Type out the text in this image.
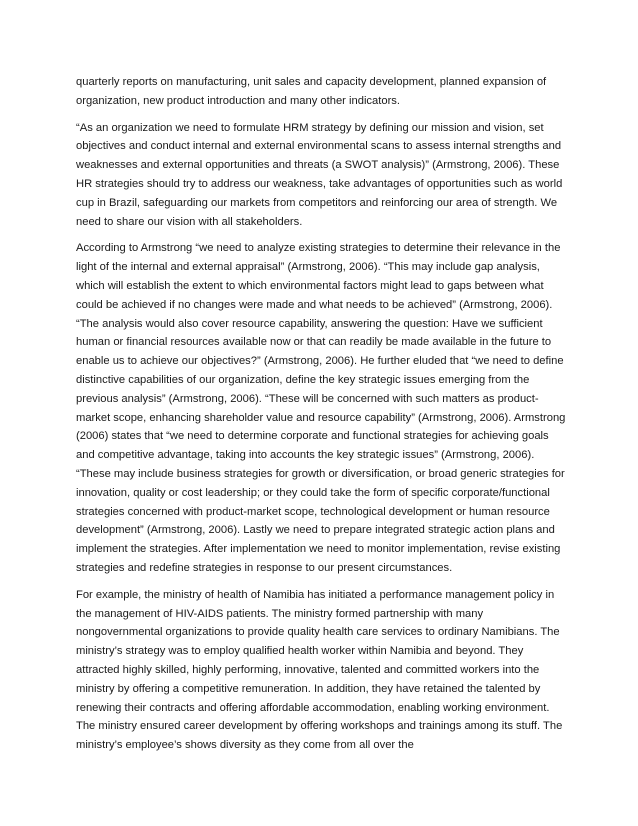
quarterly reports on manufacturing, unit sales and capacity development, planned expansion of organization, new product introduction and many other indicators.

“As an organization we need to formulate HRM strategy by defining our mission and vision, set objectives and conduct internal and external environmental scans to assess internal strengths and weaknesses and external opportunities and threats (a SWOT analysis)” (Armstrong, 2006). These HR strategies should try to address our weakness, take advantages of opportunities such as world cup in Brazil, safeguarding our markets from competitors and reinforcing our area of strength. We need to share our vision with all stakeholders.

According to Armstrong “we need to analyze existing strategies to determine their relevance in the light of the internal and external appraisal” (Armstrong, 2006). “This may include gap analysis, which will establish the extent to which environmental factors might lead to gaps between what could be achieved if no changes were made and what needs to be achieved” (Armstrong, 2006). “The analysis would also cover resource capability, answering the question: Have we sufficient human or financial resources available now or that can readily be made available in the future to enable us to achieve our objectives?” (Armstrong, 2006). He further eluded that “we need to define distinctive capabilities of our organization, define the key strategic issues emerging from the previous analysis” (Armstrong, 2006). “These will be concerned with such matters as product-market scope, enhancing shareholder value and resource capability” (Armstrong, 2006). Armstrong (2006) states that “we need to determine corporate and functional strategies for achieving goals and competitive advantage, taking into accounts the key strategic issues” (Armstrong, 2006). “These may include business strategies for growth or diversification, or broad generic strategies for innovation, quality or cost leadership; or they could take the form of specific corporate/functional strategies concerned with product-market scope, technological development or human resource development” (Armstrong, 2006). Lastly we need to prepare integrated strategic action plans and implement the strategies. After implementation we need to monitor implementation, revise existing strategies and redefine strategies in response to our present circumstances.

For example, the ministry of health of Namibia has initiated a performance management policy in the management of HIV-AIDS patients. The ministry formed partnership with many nongovernmental organizations to provide quality health care services to ordinary Namibians. The ministry’s strategy was to employ qualified health worker within Namibia and beyond. They attracted highly skilled, highly performing, innovative, talented and committed workers into the ministry by offering a competitive remuneration. In addition, they have retained the talented by renewing their contracts and offering affordable accommodation, enabling working environment. The ministry ensured career development by offering workshops and trainings among its stuff. The ministry’s employee’s shows diversity as they come from all over the
